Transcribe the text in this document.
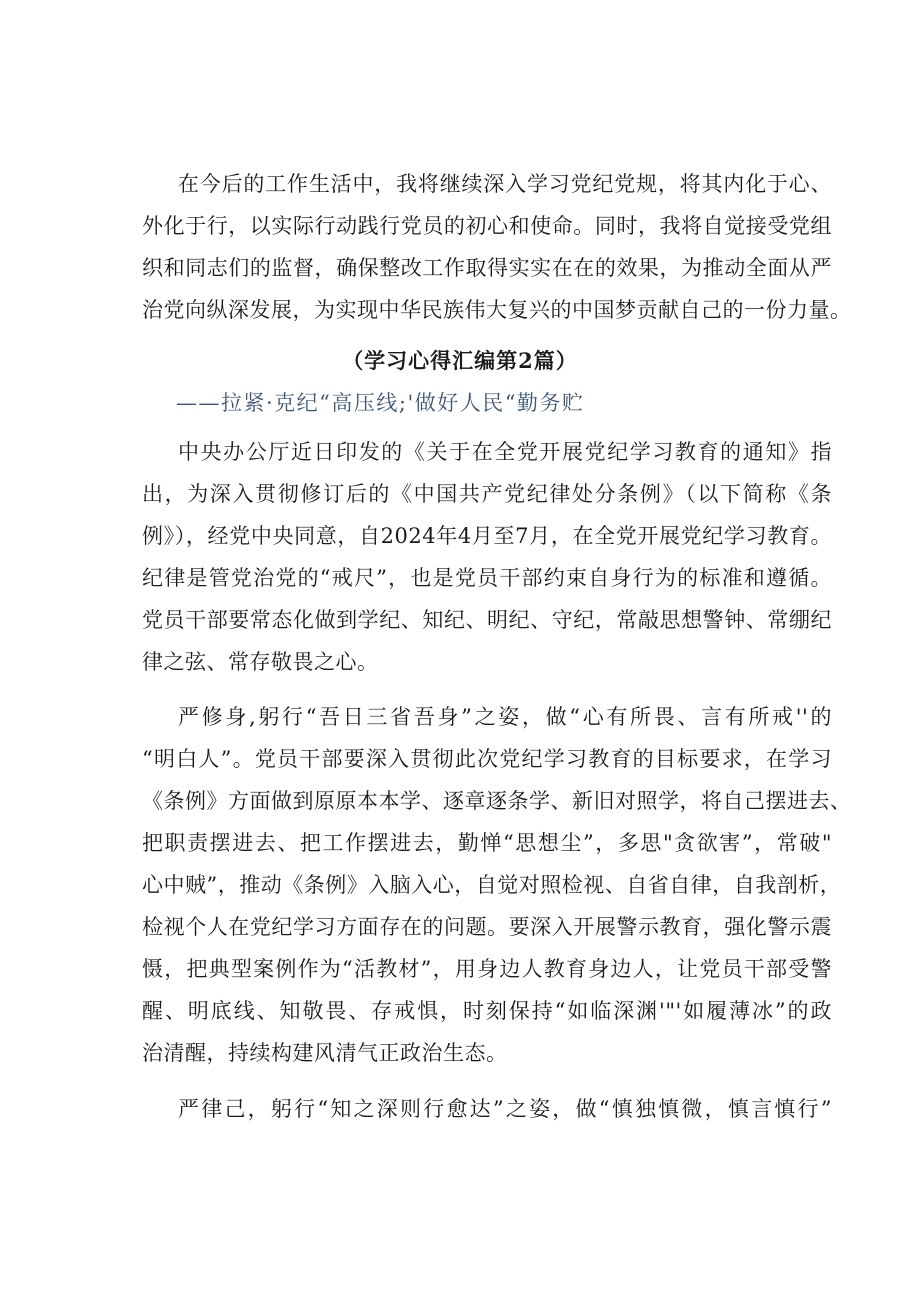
在今后的工作生活中，我将继续深入学习党纪党规，将其内化于心、
外化于行，以实际行动践行党员的初心和使命。同时，我将自觉接受党组
织和同志们的监督，确保整改工作取得实实在在的效果，为推动全面从严
治党向纵深发展，为实现中华民族伟大复兴的中国梦贡献自己的一份力量。
（学习心得汇编第2篇）
——拉紧·克纪“高压线;'做好人民“勤务贮
中央办公厅近日印发的《关于在全党开展党纪学习教育的通知》指
出，为深入贯彻修订后的《中国共产党纪律处分条例》（以下简称《条
例》），经党中央同意，自2024年4月至7月，在全党开展党纪学习教育。
纪律是管党治党的“戒尺”，也是党员干部约束自身行为的标准和遵循。
党员干部要常态化做到学纪、知纪、明纪、守纪，常敲思想警钟、常绷纪
律之弦、常存敬畏之心。
严修身,躬行“吾日三省吾身”之姿，做“心有所畏、言有所戒''的
“明白人”。党员干部要深入贯彻此次党纪学习教育的目标要求，在学习
《条例》方面做到原原本本学、逐章逐条学、新旧对照学，将自己摆进去、
把职责摆进去、把工作摆进去，勤惮“思想尘”，多思"贪欲害”，常破"
心中贼”，推动《条例》入脑入心，自觉对照检视、自省自律，自我剖析，
检视个人在党纪学习方面存在的问题。要深入开展警示教育，强化警示震
慑，把典型案例作为“活教材”，用身边人教育身边人，让党员干部受警
醒、明底线、知敬畏、存戒惧，时刻保持“如临深渊'"'如履薄冰”的政
治清醒，持续构建风清气正政治生态。
严律己，躬行“知之深则行愈达”之姿，做“慎独慎微，慎言慎行”
